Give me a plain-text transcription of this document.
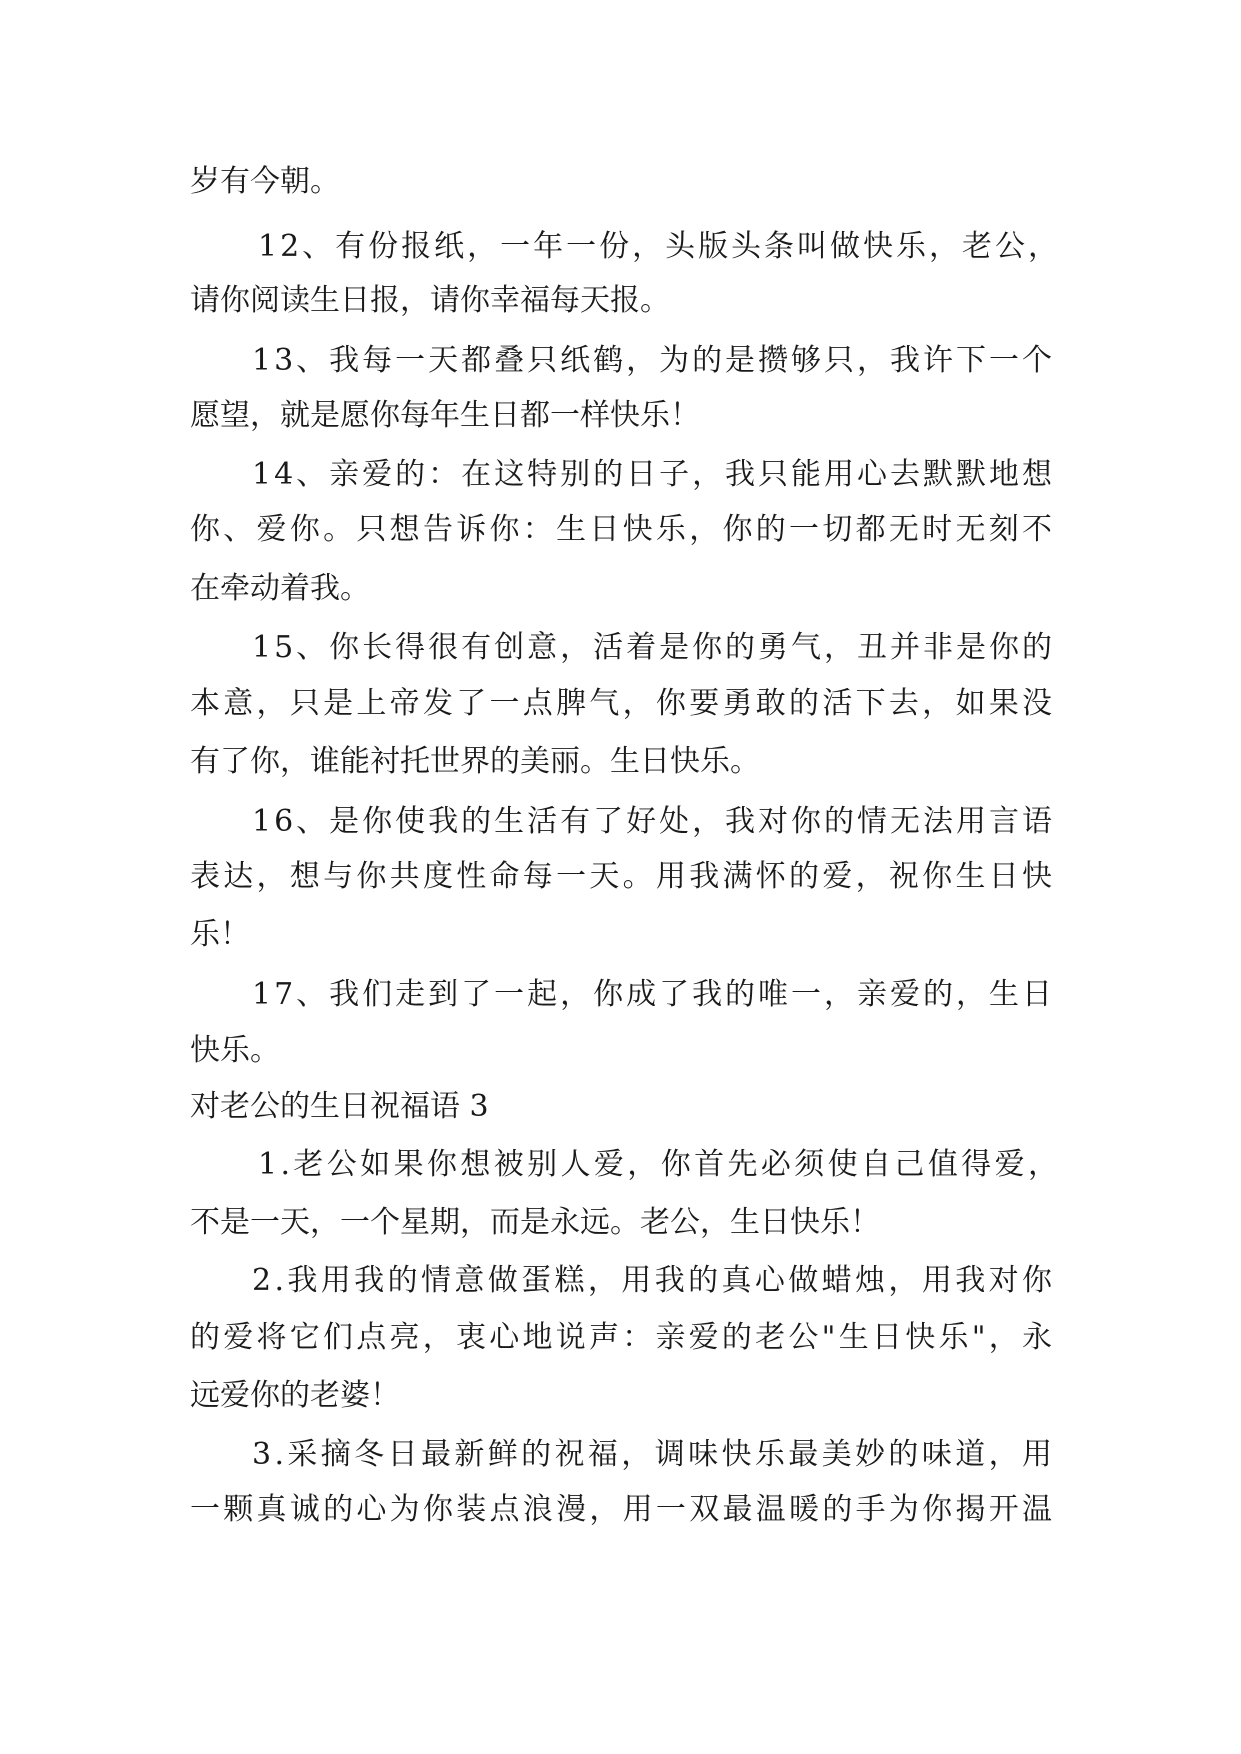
岁有今朝。
12、有份报纸，一年一份，头版头条叫做快乐，老公，
请你阅读生日报，请你幸福每天报。
13、我每一天都叠只纸鹤，为的是攒够只，我许下一个
愿望，就是愿你每年生日都一样快乐！
14、亲爱的：在这特别的日子，我只能用心去默默地想
你、爱你。只想告诉你：生日快乐，你的一切都无时无刻不
在牵动着我。
15、你长得很有创意，活着是你的勇气，丑并非是你的
本意，只是上帝发了一点脾气，你要勇敢的活下去，如果没
有了你，谁能衬托世界的美丽。生日快乐。
16、是你使我的生活有了好处，我对你的情无法用言语
表达，想与你共度性命每一天。用我满怀的爱，祝你生日快
乐！
17、我们走到了一起，你成了我的唯一，亲爱的，生日
快乐。
对老公的生日祝福语 3
1.老公如果你想被别人爱，你首先必须使自己值得爱，
不是一天，一个星期，而是永远。老公，生日快乐！
2.我用我的情意做蛋糕，用我的真心做蜡烛，用我对你
的爱将它们点亮，衷心地说声：亲爱的老公"生日快乐"，永
远爱你的老婆！
3.采摘冬日最新鲜的祝福，调味快乐最美妙的味道，用
一颗真诚的心为你装点浪漫，用一双最温暖的手为你揭开温
